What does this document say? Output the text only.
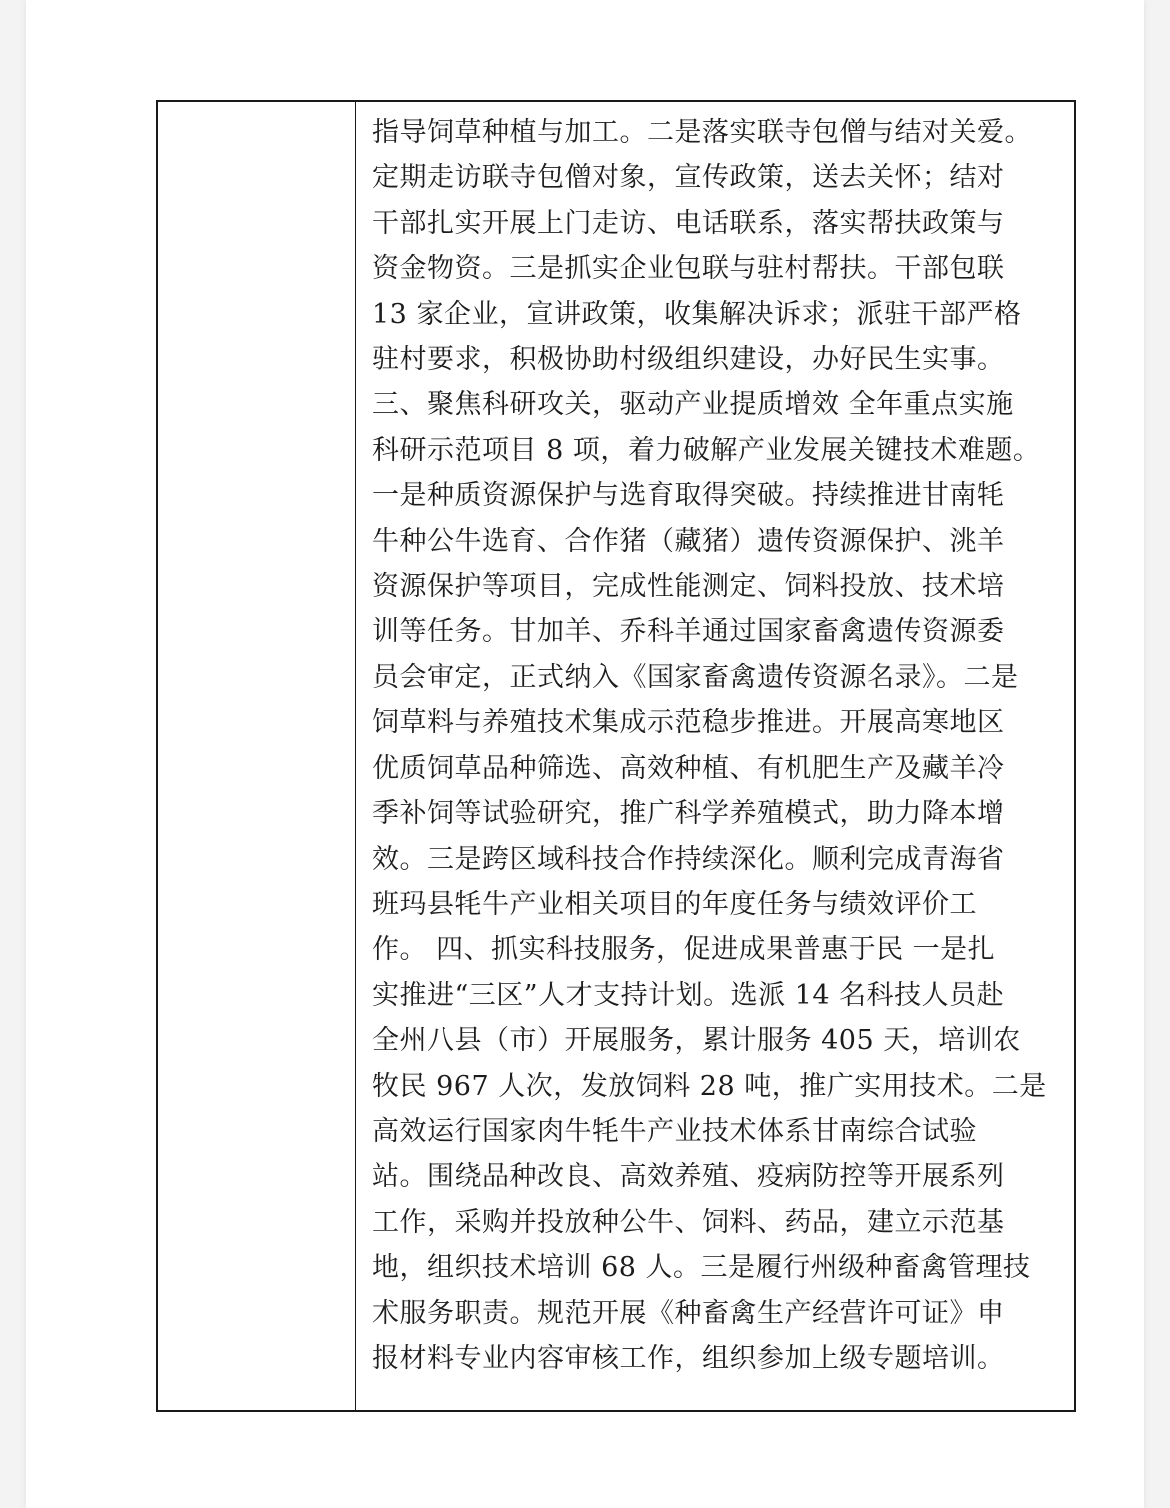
指导饲草种植与加工。二是落实联寺包僧与结对关爱。
定期走访联寺包僧对象，宣传政策，送去关怀；结对
干部扎实开展上门走访、电话联系，落实帮扶政策与
资金物资。三是抓实企业包联与驻村帮扶。干部包联
13 家企业，宣讲政策，收集解决诉求；派驻干部严格
驻村要求，积极协助村级组织建设，办好民生实事。
三、聚焦科研攻关，驱动产业提质增效 全年重点实施
科研示范项目 8 项，着力破解产业发展关键技术难题。
一是种质资源保护与选育取得突破。持续推进甘南牦
牛种公牛选育、合作猪（藏猪）遗传资源保护、洮羊
资源保护等项目，完成性能测定、饲料投放、技术培
训等任务。甘加羊、乔科羊通过国家畜禽遗传资源委
员会审定，正式纳入《国家畜禽遗传资源名录》。二是
饲草料与养殖技术集成示范稳步推进。开展高寒地区
优质饲草品种筛选、高效种植、有机肥生产及藏羊冷
季补饲等试验研究，推广科学养殖模式，助力降本增
效。三是跨区域科技合作持续深化。顺利完成青海省
班玛县牦牛产业相关项目的年度任务与绩效评价工
作。 四、抓实科技服务，促进成果普惠于民 一是扎
实推进“三区”人才支持计划。选派 14 名科技人员赴
全州八县（市）开展服务，累计服务 405 天，培训农
牧民 967 人次，发放饲料 28 吨，推广实用技术。二是
高效运行国家肉牛牦牛产业技术体系甘南综合试验
站。围绕品种改良、高效养殖、疫病防控等开展系列
工作，采购并投放种公牛、饲料、药品，建立示范基
地，组织技术培训 68 人。三是履行州级种畜禽管理技
术服务职责。规范开展《种畜禽生产经营许可证》申
报材料专业内容审核工作，组织参加上级专题培训。
